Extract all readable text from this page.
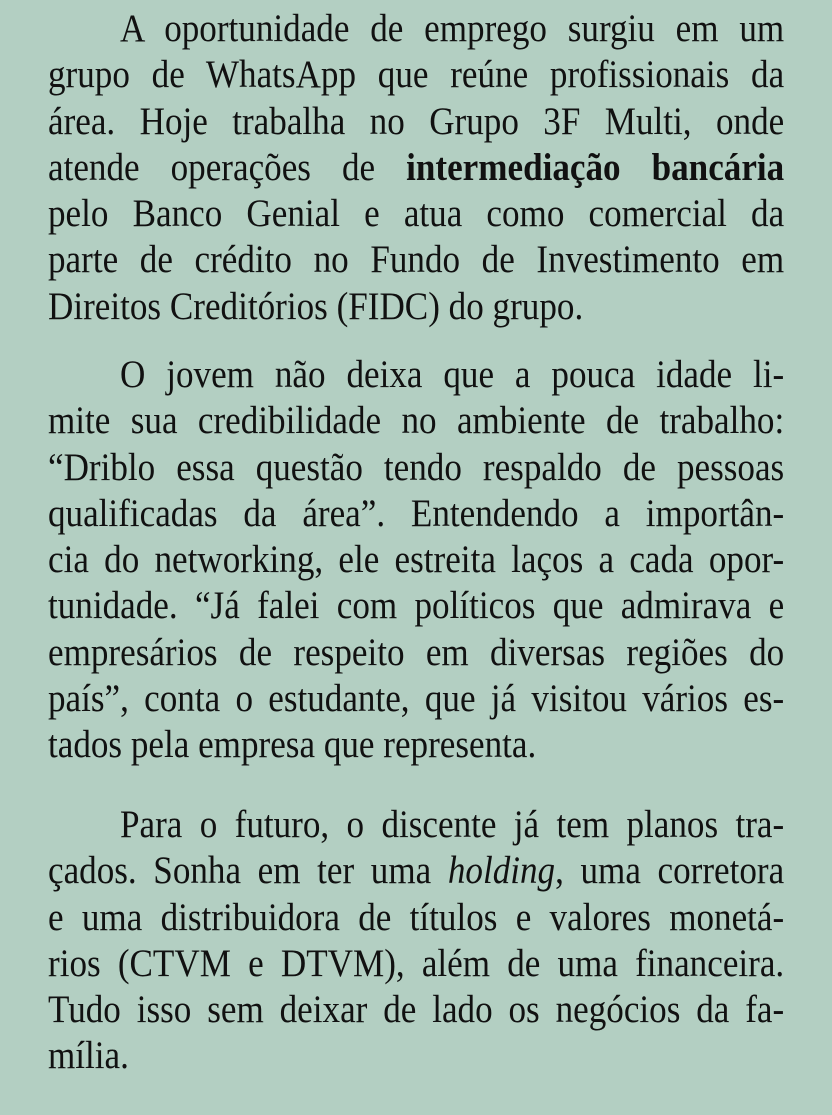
A oportunidade de emprego surgiu em um
grupo de WhatsApp que reúne profissionais da
área. Hoje trabalha no Grupo 3F Multi, onde
atende operações de intermediação bancária
pelo Banco Genial e atua como comercial da
parte de crédito no Fundo de Investimento em
Direitos Creditórios (FIDC) do grupo.
O jovem não deixa que a pouca idade li-
mite sua credibilidade no ambiente de trabalho:
“Driblo essa questão tendo respaldo de pessoas
qualificadas da área”. Entendendo a importân-
cia do networking, ele estreita laços a cada opor-
tunidade. “Já falei com políticos que admirava e
empresários de respeito em diversas regiões do
país”, conta o estudante, que já visitou vários es-
tados pela empresa que representa.
Para o futuro, o discente já tem planos tra-
çados. Sonha em ter uma holding, uma corretora
e uma distribuidora de títulos e valores monetá-
rios (CTVM e DTVM), além de uma financeira.
Tudo isso sem deixar de lado os negócios da fa-
mília.
